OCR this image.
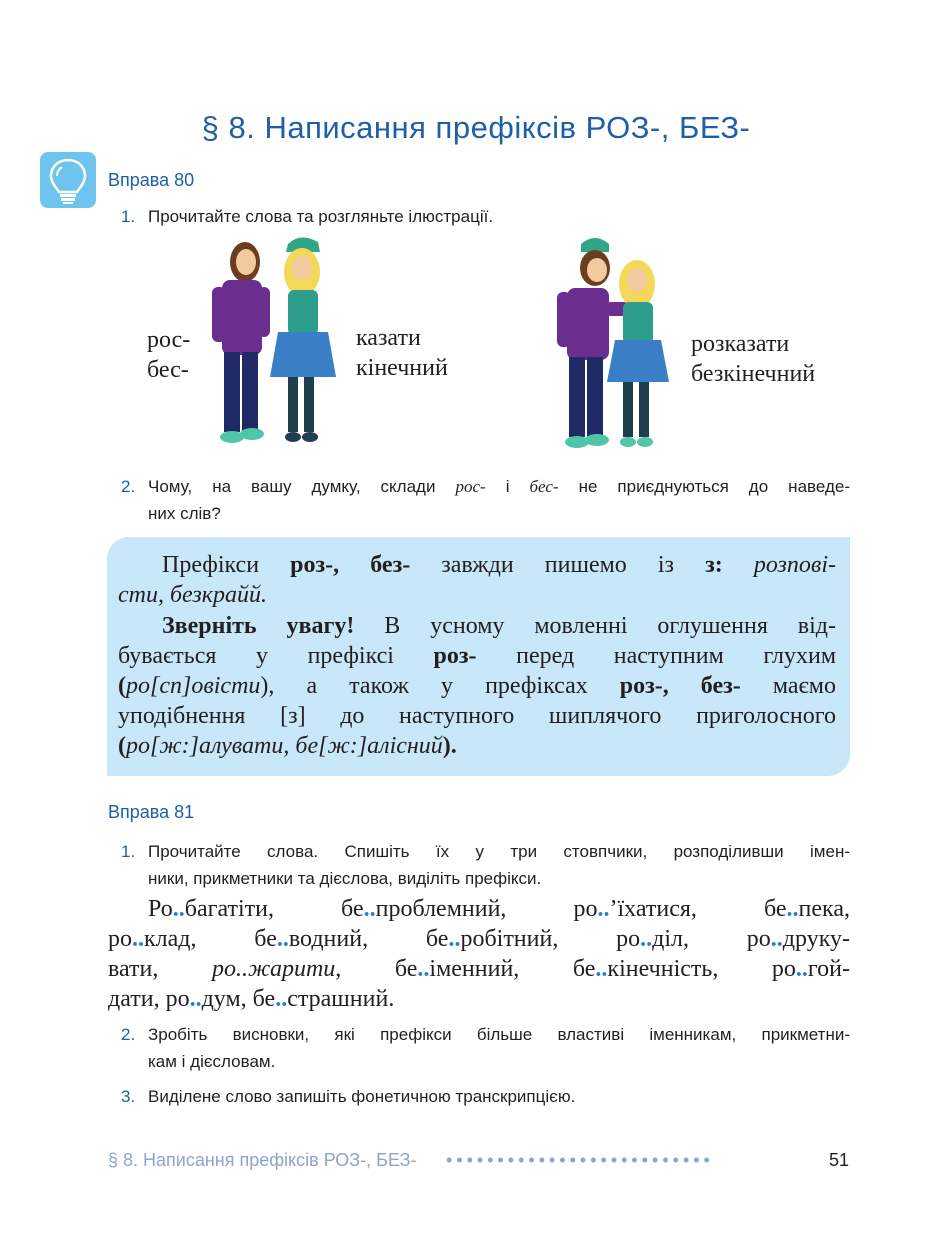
§ 8. Написання префіксів РОЗ-, БЕЗ-
Вправа 80
1. Прочитайте слова та розгляньте ілюстрації.
рос-
бес-
казати
кінечний
розказати
безкінечний
2. Чому, на вашу думку, склади рос- і бес- не приєднуються до наведе-
них слів?
Префікси роз-, без- завжди пишемо із з: розпові-
сти, безкрайй.
Зверніть увагу! В усному мовленні оглушення від-
бувається у префіксі роз- перед наступним глухим
(ро[сп]овісти), а також у префіксах роз-, без- маємо
уподібнення [з] до наступного шиплячого приголосного
(ро[ж:]алувати, бе[ж:]алісний).
Вправа 81
1. Прочитайте слова. Спишіть їх у три стовпчики, розподіливши імен-
ники, прикметники та дієслова, виділіть префікси.
Ро..багатіти, бе..проблемний, ро..’їхатися, бе..пека,
ро..клад, бе..водний, бе..робітний, ро..діл, ро..друку-
вати, ро..жарити, бе..іменний, бе..кінечність, ро..гой-
дати, ро..дум, бе..страшний.
2. Зробіть висновки, які префікси більше властиві іменникам, прикметни-
кам і дієсловам.
3. Виділене слово запишіть фонетичною транскрипцією.
§ 8. Написання префіксів РОЗ-, БЕЗ- ••••••••••••••••••••••••••	51
